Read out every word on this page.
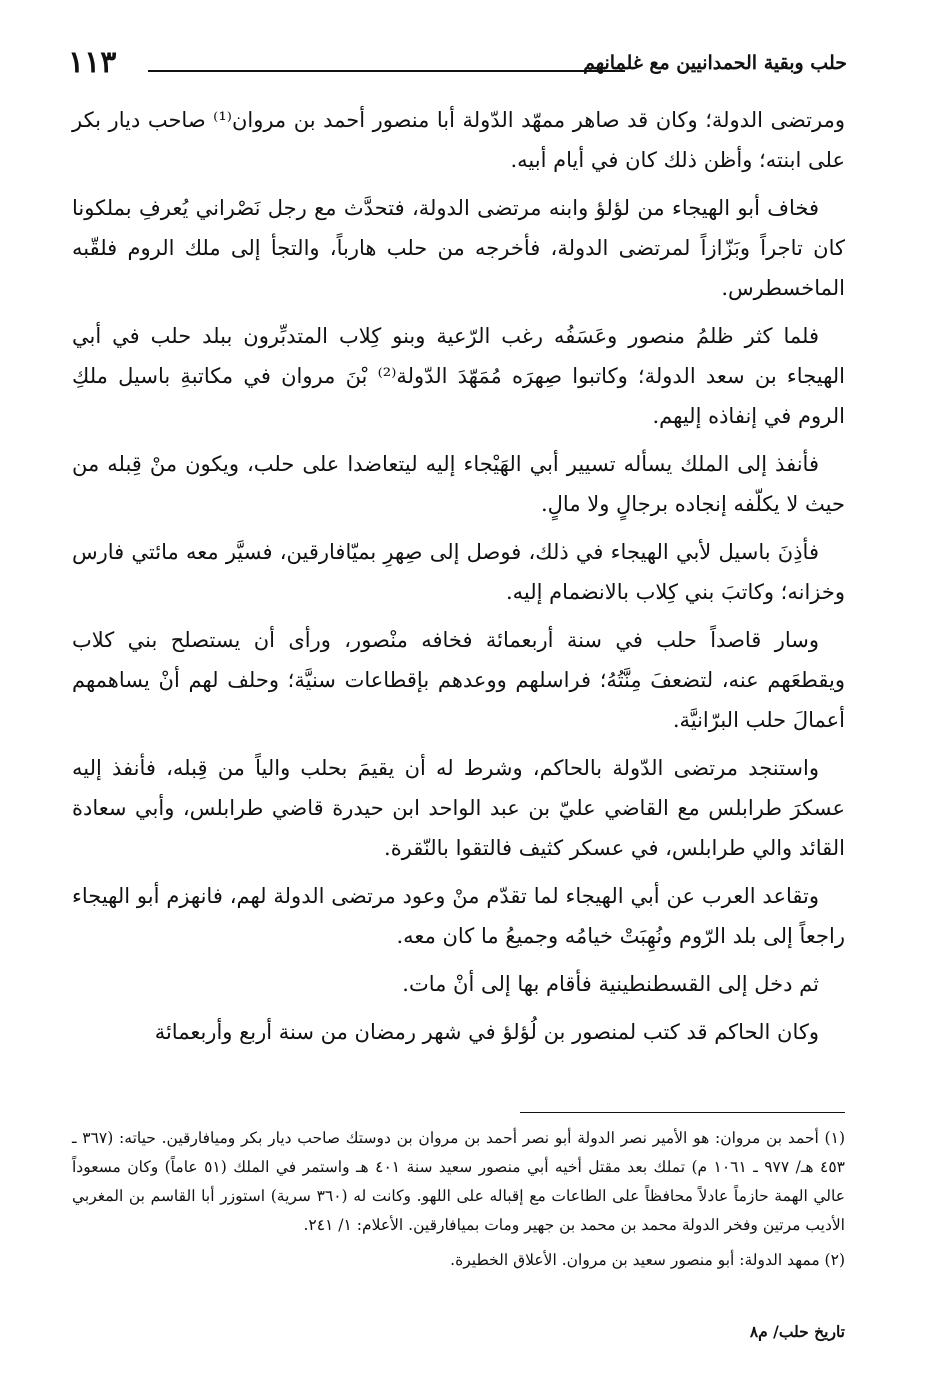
حلب وبقية الحمدانيين مع غلمانهم
١١٣

ومرتضى الدولة؛ وكان قد صاهر ممهّد الدّولة أبا منصور أحمد بن مروان⁽¹⁾ صاحب ديار بكر على ابنته؛ وأظن ذلك كان في أيام أبيه.

فخاف أبو الهيجاء من لؤلؤ وابنه مرتضى الدولة، فتحدَّث مع رجل نَصْراني يُعرفِ بملكونا كان تاجراً وبَزّازاً لمرتضى الدولة، فأخرجه من حلب هارباً، والتجأ إلى ملك الروم فلقّبه الماخسطرس.

فلما كثر ظلمُ منصور وعَسَفُه رغب الرّعية وبنو كِلاب المتدبِّرون ببلد حلب في أبي الهيجاء بن سعد الدولة؛ وكاتبوا صِهرَه مُمَهّدَ الدّولة⁽²⁾ بْنَ مروان في مكاتبةِ باسيل ملكِ الروم في إنفاذه إليهم.

فأنفذ إلى الملك يسأله تسيير أبي الهَيْجاء إليه ليتعاضدا على حلب، ويكون منْ قِبله من حيث لا يكلّفه إنجاده برجالٍ ولا مالٍ.

فأذِنَ باسيل لأبي الهيجاء في ذلك، فوصل إلى صِهرِ بميّافارقين، فسيَّر معه مائتي فارس وخزانه؛ وكاتبَ بني كِلاب بالانضمام إليه.

وسار قاصداً حلب في سنة أربعمائة فخافه منْصور، ورأى أن يستصلح بني كلاب ويقطعَهم عنه، لتضعفَ مِنَّتُهُ؛ فراسلهم ووعدهم بإقطاعات سنيَّة؛ وحلف لهم أنْ يساهمهم أعمالَ حلب البرّانيَّة.

واستنجد مرتضى الدّولة بالحاكم، وشرط له أن يقيمَ بحلب والياً من قِبله، فأنفذ إليه عسكرَ طرابلس مع القاضي عليّ بن عبد الواحد ابن حيدرة قاضي طرابلس، وأبي سعادة القائد والي طرابلس، في عسكر كثيف فالتقوا بالنّقرة.

وتقاعد العرب عن أبي الهيجاء لما تقدّم منْ وعود مرتضى الدولة لهم، فانهزم أبو الهيجاء راجعاً إلى بلد الرّوم ونُهِبَتْ خيامُه وجميعُ ما كان معه.

ثم دخل إلى القسطنطينية فأقام بها إلى أنْ مات.

وكان الحاكم قد كتب لمنصور بن لُؤلؤ في شهر رمضان من سنة أربع وأربعمائة

(١) أحمد بن مروان: هو الأمير نصر الدولة أبو نصر أحمد بن مروان بن دوستك صاحب ديار بكر وميافارقين. حياته: (٣٦٧ ـ ٤٥٣ هـ/ ٩٧٧ ـ ١٠٦١ م) تملك بعد مقتل أخيه أبي منصور سعيد سنة ٤٠١ هـ واستمر في الملك (٥١ عاماً) وكان مسعوداً عالي الهمة حازماً عادلاً محافظاً على الطاعات مع إقباله على اللهو. وكانت له (٣٦٠ سرية) استوزر أبا القاسم بن المغربي الأديب مرتين وفخر الدولة محمد بن محمد بن جهير ومات بميافارقين. الأعلام: ١/ ٢٤١.

(٢) ممهد الدولة: أبو منصور سعيد بن مروان. الأعلاق الخطيرة.

تاريخ حلب/ م٨
